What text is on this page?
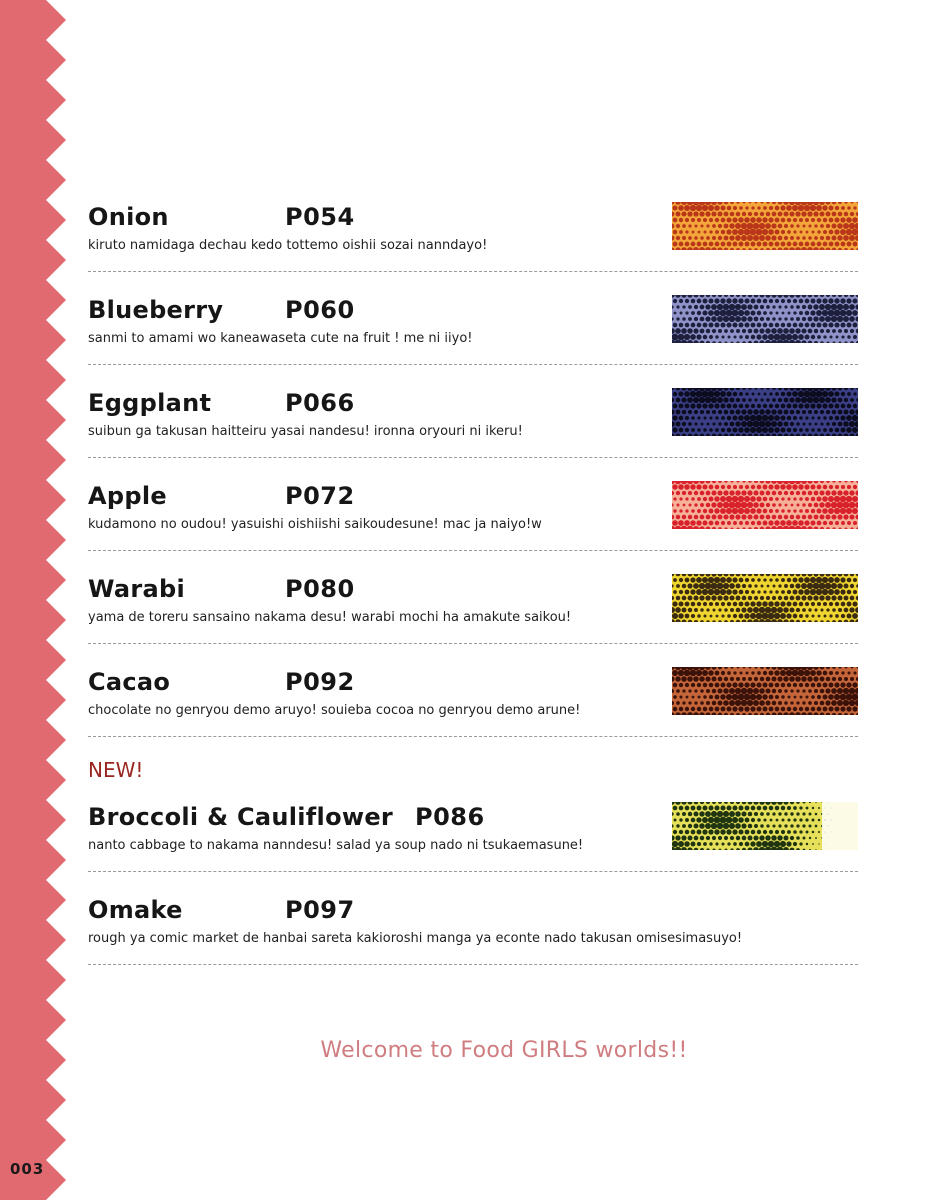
Onion	P054
kiruto namidaga dechau kedo tottemo oishii sozai nanndayo!
Blueberry	P060
sanmi to amami wo kaneawaseta cute na fruit ! me ni iiyo!
Eggplant	P066
suibun ga takusan haitteiru yasai nandesu! ironna oryouri ni ikeru!
Apple	P072
kudamono no oudou! yasuishi oishiishi saikoudesune! mac ja naiyo!w
Warabi	P080
yama de toreru sansaino nakama desu! warabi mochi ha amakute saikou!
Cacao	P092
chocolate no genryou demo aruyo! souieba cocoa no genryou demo arune!
NEW!
Broccoli & Cauliflower P086
nanto cabbage to nakama nanndesu! salad ya soup nado ni tsukaemasune!
Omake	P097
rough ya comic market de hanbai sareta kakioroshi manga ya econte nado takusan omisesimasuyo!
Welcome to Food GIRLS worlds!!
003
